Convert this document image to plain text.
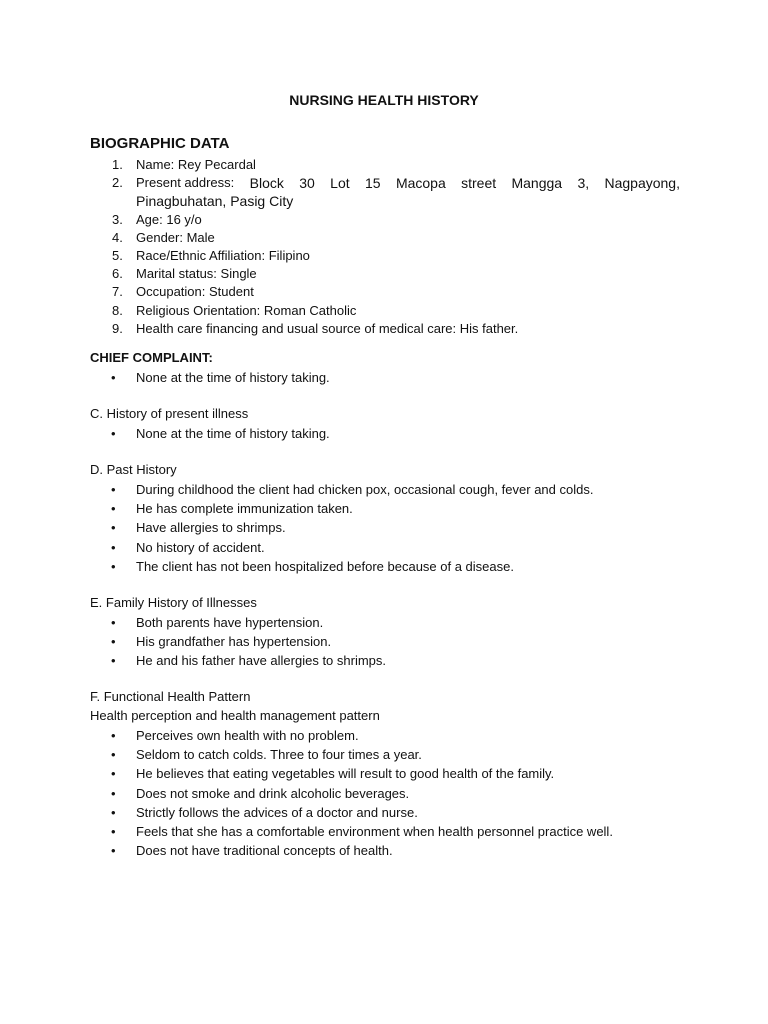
NURSING HEALTH HISTORY
BIOGRAPHIC DATA
1. Name: Rey Pecardal
2. Present address: Block 30 Lot 15 Macopa street Mangga 3, Nagpayong,
Pinagbuhatan, Pasig City
3. Age: 16 y/o
4. Gender: Male
5. Race/Ethnic Affiliation: Filipino
6. Marital status: Single
7. Occupation: Student
8. Religious Orientation: Roman Catholic
9. Health care financing and usual source of medical care: His father.
CHIEF COMPLAINT:
• None at the time of history taking.
C. History of present illness
• None at the time of history taking.
D. Past History
• During childhood the client had chicken pox, occasional cough, fever and colds.
• He has complete immunization taken.
• Have allergies to shrimps.
• No history of accident.
• The client has not been hospitalized before because of a disease.
E. Family History of Illnesses
• Both parents have hypertension.
• His grandfather has hypertension.
• He and his father have allergies to shrimps.
F. Functional Health Pattern
Health perception and health management pattern
• Perceives own health with no problem.
• Seldom to catch colds. Three to four times a year.
• He believes that eating vegetables will result to good health of the family.
• Does not smoke and drink alcoholic beverages.
• Strictly follows the advices of a doctor and nurse.
• Feels that she has a comfortable environment when health personnel practice well.
• Does not have traditional concepts of health.
